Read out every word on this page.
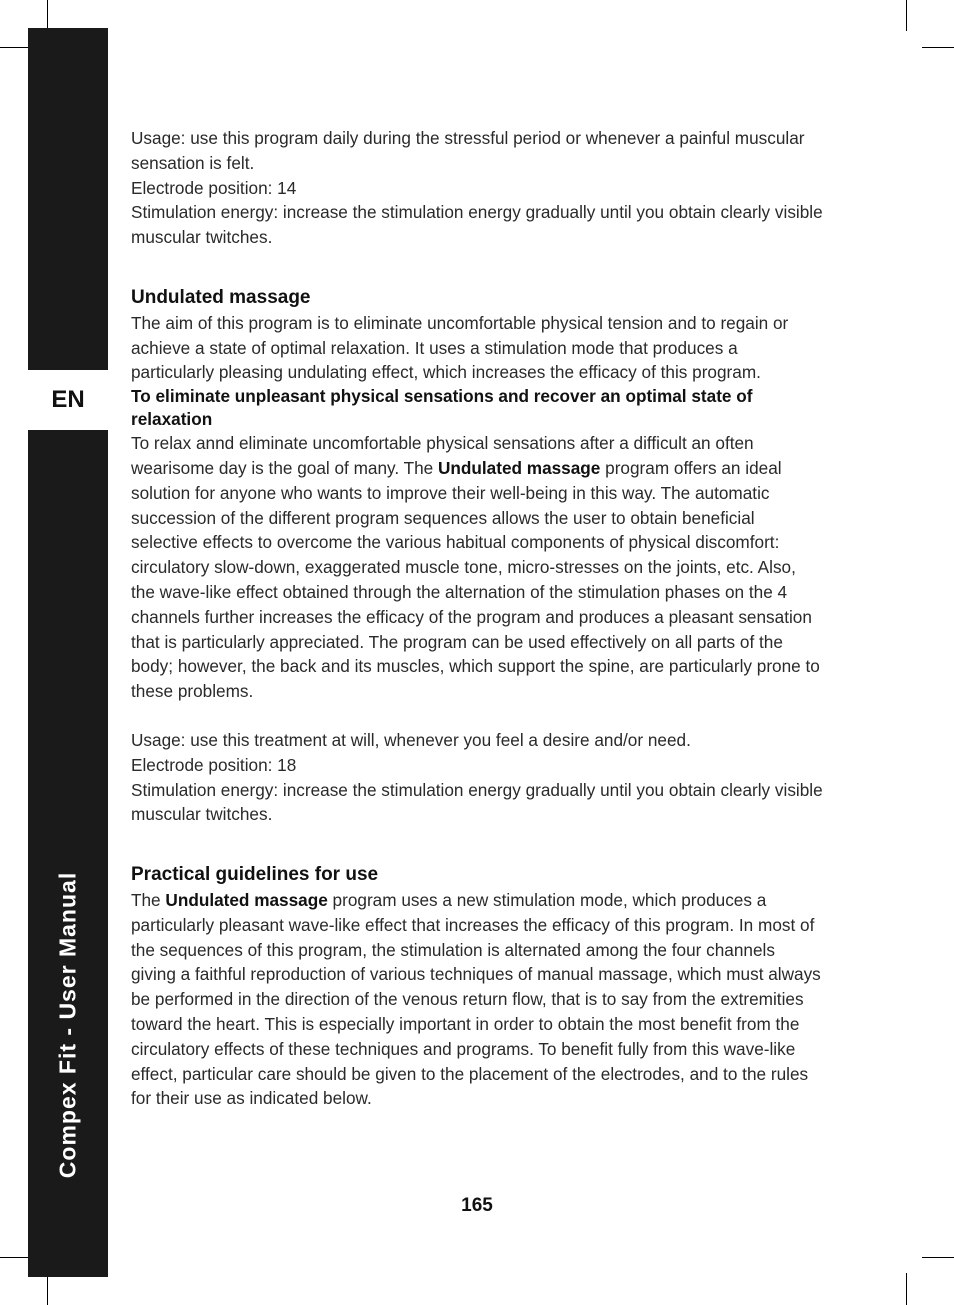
EN
Compex Fit - User Manual

Usage: use this program daily during the stressful period or whenever a painful muscular sensation is felt.

Electrode position: 14

Stimulation energy: increase the stimulation energy gradually until you obtain clearly visible muscular twitches.

Undulated massage

The aim of this program is to eliminate uncomfortable physical tension and to regain or achieve a state of optimal relaxation. It uses a stimulation mode that produces a particularly pleasing undulating effect, which increases the efficacy of this program.

To eliminate unpleasant physical sensations and recover an optimal state of relaxation

To relax annd eliminate uncomfortable physical sensations after a difficult an often wearisome day is the goal of many. The Undulated massage program offers an ideal solution for anyone who wants to improve their well-being in this way. The automatic succession of the different program sequences allows the user to obtain beneficial selective effects to overcome the various habitual components of physical discomfort: circulatory slow-down, exaggerated muscle tone, micro-stresses on the joints, etc. Also, the wave-like effect obtained through the alternation of the stimulation phases on the 4 channels further increases the efficacy of the program and produces a pleasant sensation that is particularly appreciated. The program can be used effectively on all parts of the body; however, the back and its muscles, which support the spine, are particularly prone to these problems.

Usage: use this treatment at will, whenever you feel a desire and/or need.

Electrode position: 18

Stimulation energy: increase the stimulation energy gradually until you obtain clearly visible muscular twitches.

Practical guidelines for use

The Undulated massage program uses a new stimulation mode, which produces a particularly pleasant wave-like effect that increases the efficacy of this program. In most of the sequences of this program, the stimulation is alternated among the four channels giving a faithful reproduction of various techniques of manual massage, which must always be performed in the direction of the venous return flow, that is to say from the extremities toward the heart. This is especially important in order to obtain the most benefit from the circulatory effects of these techniques and programs. To benefit fully from this wave-like effect, particular care should be given to the placement of the electrodes, and to the rules for their use as indicated below.

165
